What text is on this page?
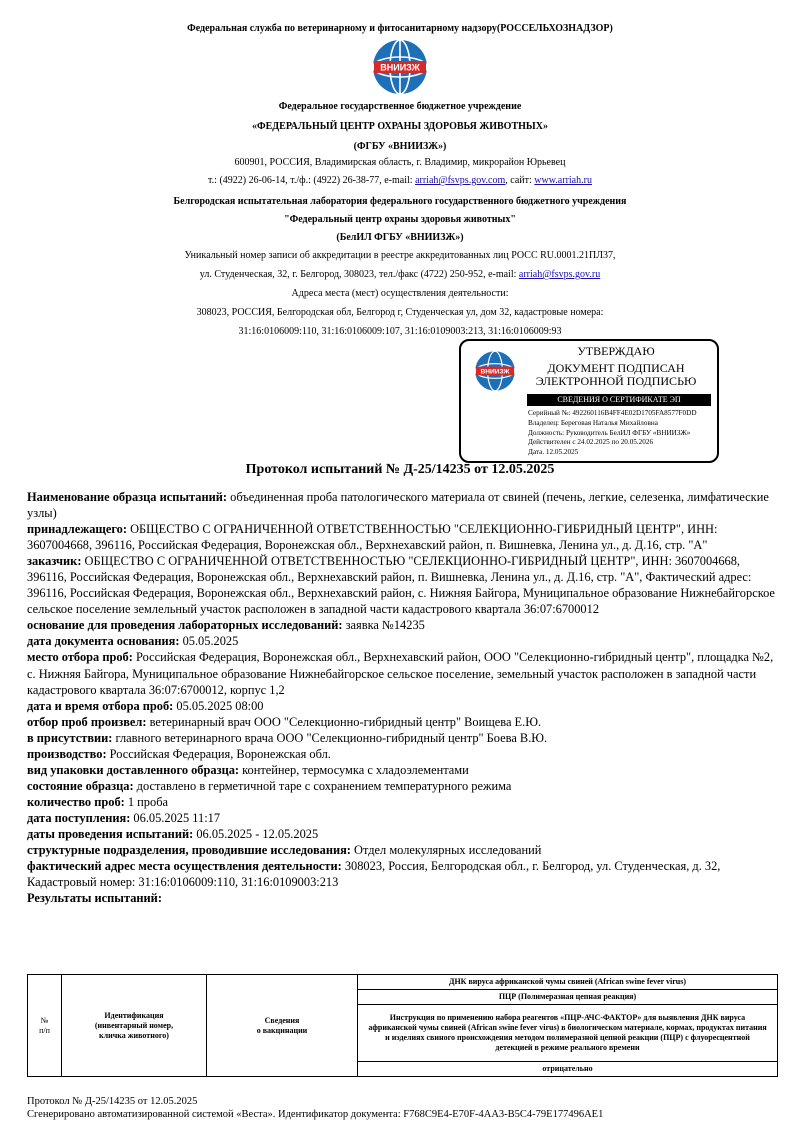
Федеральная служба по ветеринарному и фитосанитарному надзору(РОССЕЛЬХОЗНАДЗОР)
ВНИИЗЖ
Федеральное государственное бюджетное учреждение
«ФЕДЕРАЛЬНЫЙ ЦЕНТР ОХРАНЫ ЗДОРОВЬЯ ЖИВОТНЫХ»
(ФГБУ «ВНИИЗЖ»)
600901, РОССИЯ, Владимирская область, г. Владимир, микрорайон Юрьевец
т.: (4922) 26-06-14, т./ф.: (4922) 26-38-77, e-mail: arriah@fsvps.gov.com, сайт: www.arriah.ru
Белгородская испытательная лаборатория федерального государственного бюджетного учреждения
"Федеральный центр охраны здоровья животных"
(БелИЛ ФГБУ «ВНИИЗЖ»)
Уникальный номер записи об аккредитации в реестре аккредитованных лиц РОСС RU.0001.21ПЛ37,
ул. Студенческая, 32, г. Белгород, 308023, тел./факс (4722) 250-952, e-mail: arriah@fsvps.gov.ru
Адреса места (мест) осуществления деятельности:
308023, РОССИЯ, Белгородская обл, Белгород г, Студенческая ул, дом 32, кадастровые номера:
31:16:0106009:110, 31:16:0106009:107, 31:16:0109003:213, 31:16:0106009:93
ВНИИЗЖ
УТВЕРЖДАЮ
ДОКУМЕНТ ПОДПИСАН
ЭЛЕКТРОННОЙ ПОДПИСЬЮ
СВЕДЕНИЯ О СЕРТИФИКАТЕ ЭП
Серийный №: 492260116B4FF4E02D1705FA8577F0DD
Владелец: Береговая Наталья Михайловна
Должность: Руководитель БелИЛ ФГБУ «ВНИИЗЖ»
Действителен с 24.02.2025 по 20.05.2026
Дата. 12.05.2025
Протокол испытаний № Д-25/14235 от 12.05.2025

Наименование образца испытаний: объединенная проба патологического материала от свиней (печень, легкие, селезенка, лимфатические узлы)

принадлежащего: ОБЩЕСТВО С ОГРАНИЧЕННОЙ ОТВЕТСТВЕННОСТЬЮ "СЕЛЕКЦИОННО-ГИБРИДНЫЙ ЦЕНТР", ИНН: 3607004668, 396116, Российская Федерация, Воронежская обл., Верхнехавский район, п. Вишневка, Ленина ул., д. Д.16, стр. "А"

заказчик: ОБЩЕСТВО С ОГРАНИЧЕННОЙ ОТВЕТСТВЕННОСТЬЮ "СЕЛЕКЦИОННО-ГИБРИДНЫЙ ЦЕНТР", ИНН: 3607004668, 396116, Российская Федерация, Воронежская обл., Верхнехавский район, п. Вишневка, Ленина ул., д. Д.16, стр. "А", Фактический адрес: 396116, Российская Федерация, Воронежская обл., Верхнехавский район, с. Нижняя Байгора, Муниципальное образование Нижнебайгорское сельское поселение землельный участок расположен в западной части кадастрового квартала 36:07:6700012

основание для проведения лабораторных исследований: заявка №14235

дата документа основания: 05.05.2025

место отбора проб: Российская Федерация, Воронежская обл., Верхнехавский район, ООО "Селекционно-гибридный центр", площадка №2, с. Нижняя Байгора, Муниципальное образование Нижнебайгорское сельское поселение, земельный участок расположен в западной части кадастрового квартала 36:07:6700012, корпус 1,2

дата и время отбора проб: 05.05.2025 08:00

отбор проб произвел: ветеринарный врач ООО "Селекционно-гибридный центр" Воищева Е.Ю.

в присутствии: главного ветеринарного врача ООО "Селекционно-гибридный центр" Боева В.Ю.

производство: Российская Федерация, Воронежская обл.

вид упаковки доставленного образца: контейнер, термосумка с хладоэлементами

состояние образца: доставлено в герметичной таре с сохранением температурного режима

количество проб: 1 проба

дата поступления: 06.05.2025 11:17

даты проведения испытаний: 06.05.2025 - 12.05.2025

структурные подразделения, проводившие исследования: Отдел молекулярных исследований

фактический адрес места осуществления деятельности: 308023, Россия, Белгородская обл., г. Белгород, ул. Студенческая, д. 32, Кадастровый номер: 31:16:0106009:110, 31:16:0109003:213

Результаты испытаний:

№
п/п	Идентификация
(инвентарный номер,
кличка животного)	Сведения
о вакцинации	ДНК вируса африканской чумы свиней (African swine fever virus)
ПЦР (Полимеразная цепная реакция)
Инструкция по применению набора реагентов «ПЦР-АЧС-ФАКТОР» для выявления ДНК вируса африканской чумы свиней (African swine fever virus) в биологическом материале, кормах, продуктах питания и изделиях свиного происхождения методом полимеразной цепной реакции (ПЦР) с флуоресцентной детекцией в режиме реального времени
отрицательно
Протокол № Д-25/14235 от 12.05.2025
Сгенерировано автоматизированной системой «Веста». Идентификатор документа: F768C9E4-E70F-4AA3-B5C4-79E177496AE1
